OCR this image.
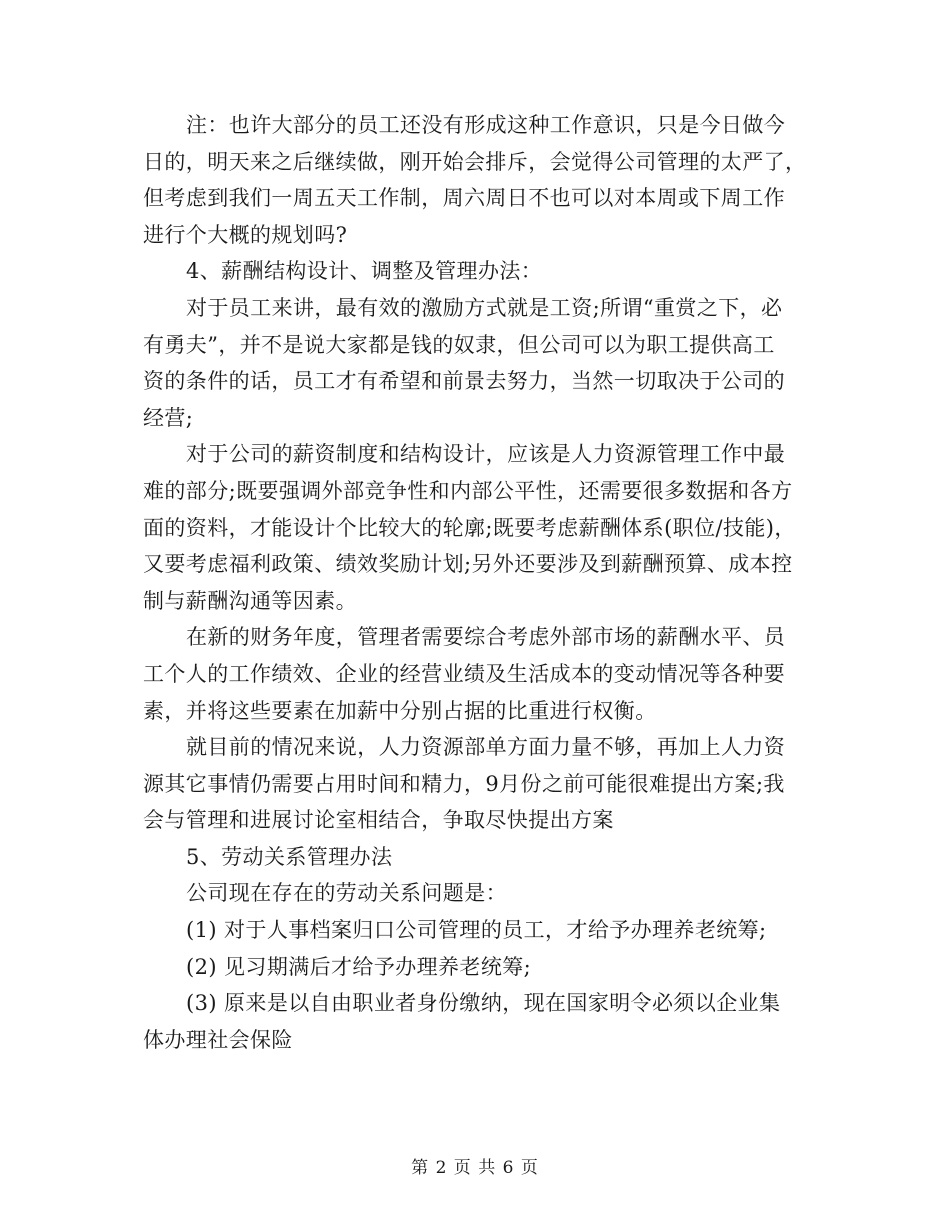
注：也许大部分的员工还没有形成这种工作意识，只是今日做今
日的，明天来之后继续做，刚开始会排斥，会觉得公司管理的太严了，
但考虑到我们一周五天工作制，周六周日不也可以对本周或下周工作
进行个大概的规划吗?
4、薪酬结构设计、调整及管理办法：
对于员工来讲，最有效的激励方式就是工资;所谓“重赏之下，必
有勇夫”，并不是说大家都是钱的奴隶，但公司可以为职工提供高工
资的条件的话，员工才有希望和前景去努力，当然一切取决于公司的
经营;
对于公司的薪资制度和结构设计，应该是人力资源管理工作中最
难的部分;既要强调外部竞争性和内部公平性，还需要很多数据和各方
面的资料，才能设计个比较大的轮廓;既要考虑薪酬体系(职位/技能)，
又要考虑福利政策、绩效奖励计划;另外还要涉及到薪酬预算、成本控
制与薪酬沟通等因素。
在新的财务年度，管理者需要综合考虑外部市场的薪酬水平、员
工个人的工作绩效、企业的经营业绩及生活成本的变动情况等各种要
素，并将这些要素在加薪中分别占据的比重进行权衡。
就目前的情况来说，人力资源部单方面力量不够，再加上人力资
源其它事情仍需要占用时间和精力，9月份之前可能很难提出方案;我
会与管理和进展讨论室相结合，争取尽快提出方案
5、劳动关系管理办法
公司现在存在的劳动关系问题是：
(1) 对于人事档案归口公司管理的员工，才给予办理养老统筹;
(2) 见习期满后才给予办理养老统筹;
(3) 原来是以自由职业者身份缴纳，现在国家明令必须以企业集
体办理社会保险
第 2 页 共 6 页
